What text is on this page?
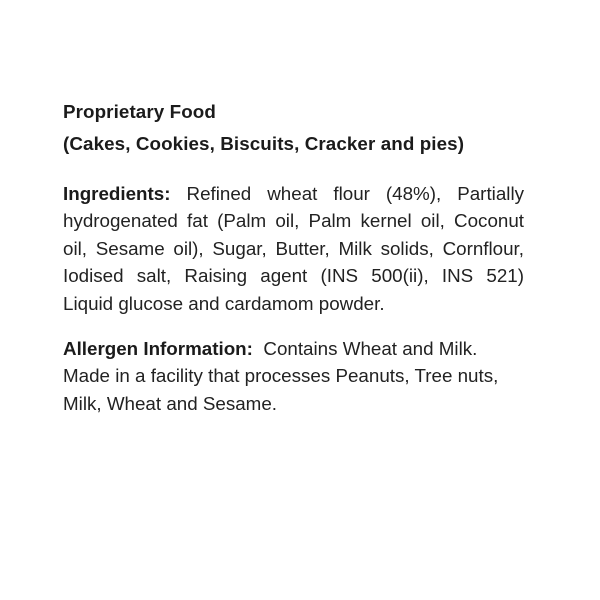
Proprietary Food
(Cakes, Cookies, Biscuits, Cracker and pies)
Ingredients: Refined wheat flour (48%), Partially
hydrogenated fat (Palm oil, Palm kernel oil, Coconut
oil, Sesame oil), Sugar, Butter, Milk solids, Cornflour,
Iodised salt, Raising agent (INS 500(ii), INS 521)
Liquid glucose and cardamom powder.
Allergen Information: Contains Wheat and Milk.
Made in a facility that processes Peanuts, Tree nuts,
Milk, Wheat and Sesame.
